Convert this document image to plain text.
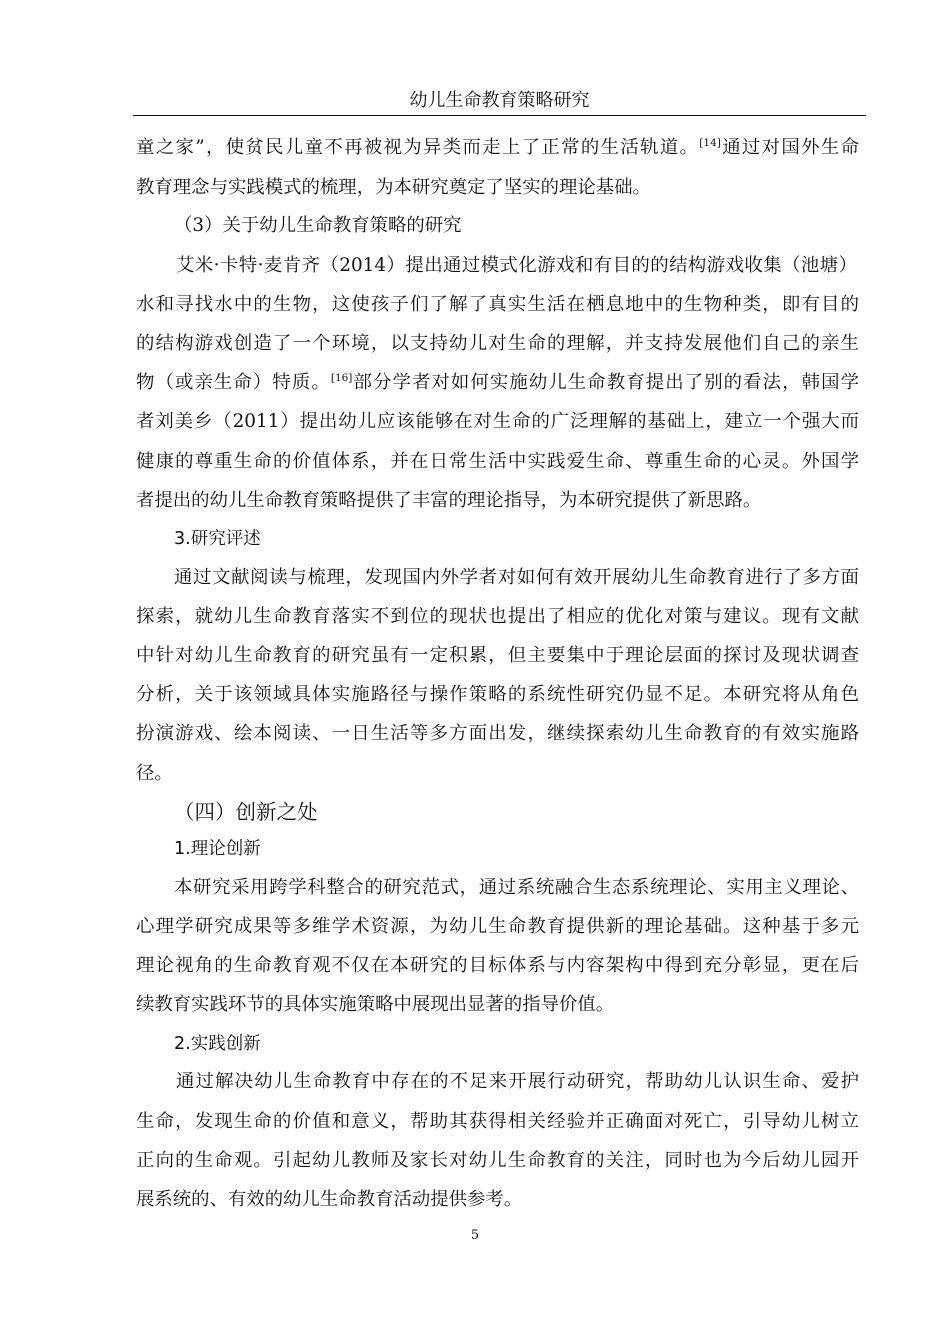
幼儿生命教育策略研究
童之家”，使贫民儿童不再被视为异类而走上了正常的生活轨道。[14]通过对国外生命
教育理念与实践模式的梳理，为本研究奠定了坚实的理论基础。
（3）关于幼儿生命教育策略的研究
艾米·卡特·麦肯齐（2014）提出通过模式化游戏和有目的的结构游戏收集（池塘）
水和寻找水中的生物，这使孩子们了解了真实生活在栖息地中的生物种类，即有目的
的结构游戏创造了一个环境，以支持幼儿对生命的理解，并支持发展他们自己的亲生
物（或亲生命）特质。[16]部分学者对如何实施幼儿生命教育提出了别的看法，韩国学
者刘美乡（2011）提出幼儿应该能够在对生命的广泛理解的基础上，建立一个强大而
健康的尊重生命的价值体系，并在日常生活中实践爱生命、尊重生命的心灵。外国学
者提出的幼儿生命教育策略提供了丰富的理论指导，为本研究提供了新思路。
3.研究评述
通过文献阅读与梳理，发现国内外学者对如何有效开展幼儿生命教育进行了多方面
探索，就幼儿生命教育落实不到位的现状也提出了相应的优化对策与建议。现有文献
中针对幼儿生命教育的研究虽有一定积累，但主要集中于理论层面的探讨及现状调查
分析，关于该领域具体实施路径与操作策略的系统性研究仍显不足。本研究将从角色
扮演游戏、绘本阅读、一日生活等多方面出发，继续探索幼儿生命教育的有效实施路
径。
（四）创新之处
1.理论创新
本研究采用跨学科整合的研究范式，通过系统融合生态系统理论、实用主义理论、
心理学研究成果等多维学术资源，为幼儿生命教育提供新的理论基础。这种基于多元
理论视角的生命教育观不仅在本研究的目标体系与内容架构中得到充分彰显，更在后
续教育实践环节的具体实施策略中展现出显著的指导价值。
2.实践创新
通过解决幼儿生命教育中存在的不足来开展行动研究，帮助幼儿认识生命、爱护
生命，发现生命的价值和意义，帮助其获得相关经验并正确面对死亡，引导幼儿树立
正向的生命观。引起幼儿教师及家长对幼儿生命教育的关注，同时也为今后幼儿园开
展系统的、有效的幼儿生命教育活动提供参考。
5
